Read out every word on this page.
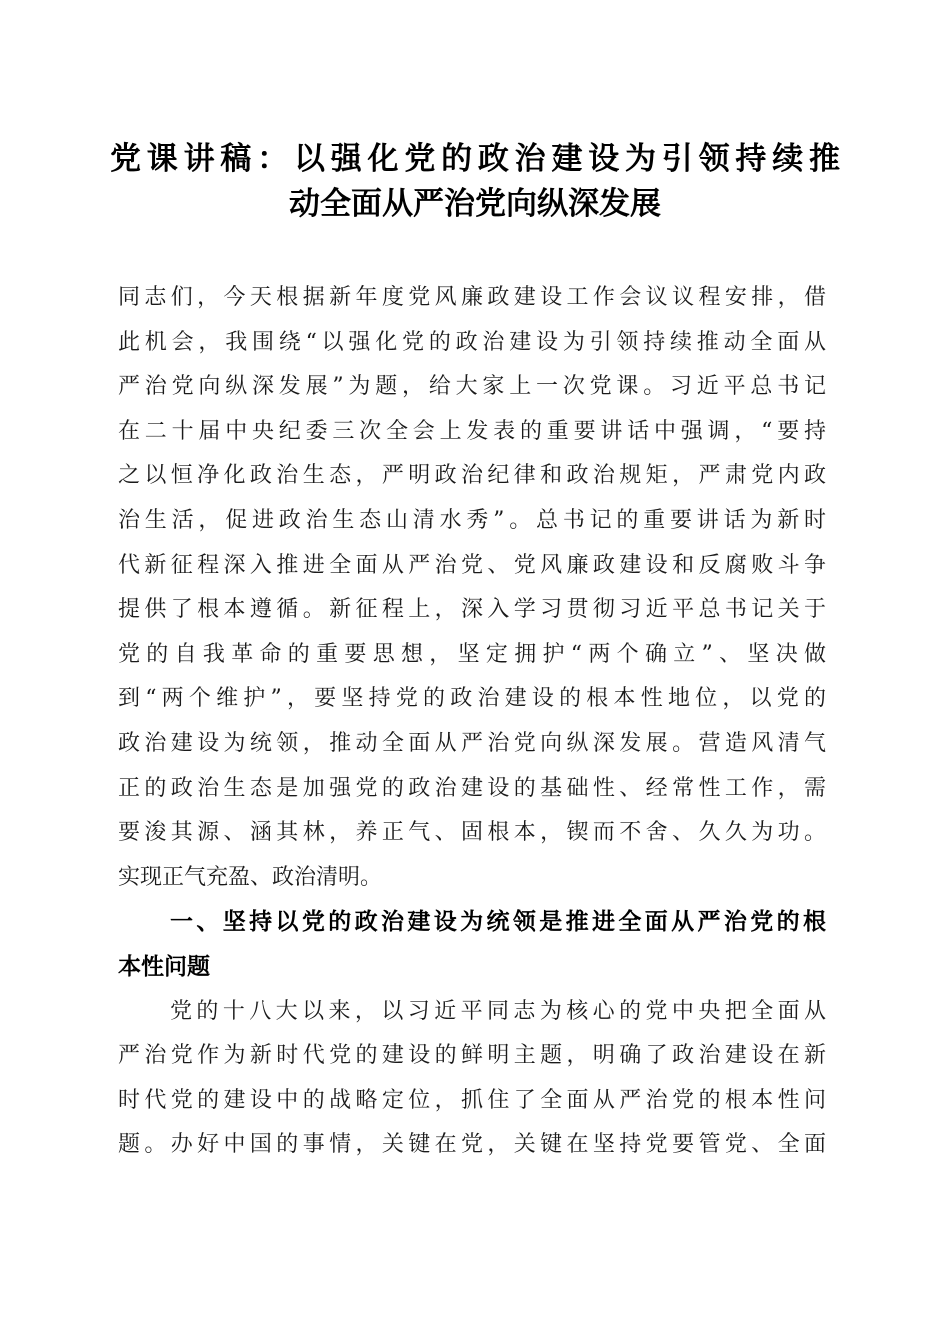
党课讲稿：以强化党的政治建设为引领持续推
动全面从严治党向纵深发展
同志们，今天根据新年度党风廉政建设工作会议议程安排，借
此机会，我围绕“以强化党的政治建设为引领持续推动全面从
严治党向纵深发展”为题，给大家上一次党课。习近平总书记
在二十届中央纪委三次全会上发表的重要讲话中强调，“要持
之以恒净化政治生态，严明政治纪律和政治规矩，严肃党内政
治生活，促进政治生态山清水秀”。总书记的重要讲话为新时
代新征程深入推进全面从严治党、党风廉政建设和反腐败斗争
提供了根本遵循。新征程上，深入学习贯彻习近平总书记关于
党的自我革命的重要思想，坚定拥护“两个确立”、坚决做
到“两个维护”，要坚持党的政治建设的根本性地位，以党的
政治建设为统领，推动全面从严治党向纵深发展。营造风清气
正的政治生态是加强党的政治建设的基础性、经常性工作，需
要浚其源、涵其林，养正气、固根本，锲而不舍、久久为功。
实现正气充盈、政治清明。
一、坚持以党的政治建设为统领是推进全面从严治党的根
本性问题
党的十八大以来，以习近平同志为核心的党中央把全面从
严治党作为新时代党的建设的鲜明主题，明确了政治建设在新
时代党的建设中的战略定位，抓住了全面从严治党的根本性问
题。办好中国的事情，关键在党，关键在坚持党要管党、全面
